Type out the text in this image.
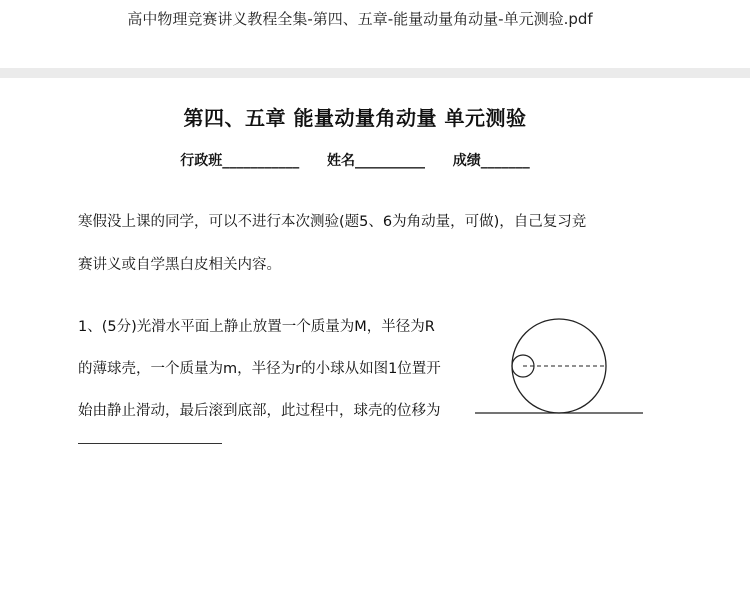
高中物理竞赛讲义教程全集-第四、五章-能量动量角动量-单元测验.pdf
第四、五章 能量动量角动量 单元测验
行政班___________ 姓名__________ 成绩_______
寒假没上课的同学，可以不进行本次测验(题5、6为角动量，可做)，自己复习竞
赛讲义或自学黑白皮相关内容。
1、(5分)光滑水平面上静止放置一个质量为M，半径为R
的薄球壳，一个质量为m，半径为r的小球从如图1位置开
始由静止滑动，最后滚到底部，此过程中，球壳的位移为
